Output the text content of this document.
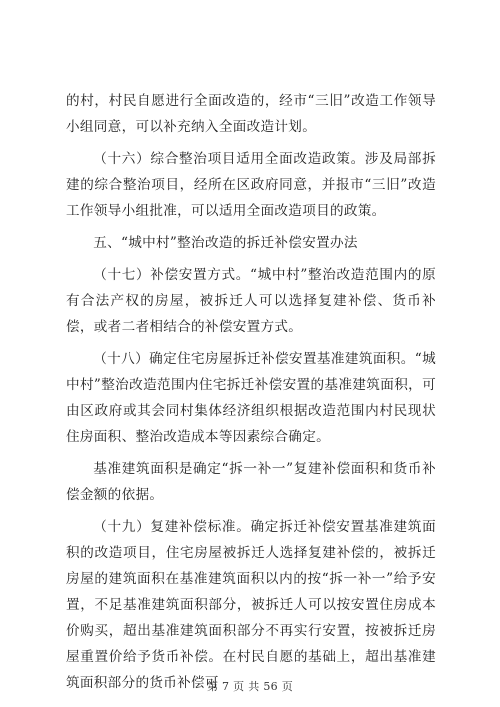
的村，村民自愿进行全面改造的，经市“三旧”改造工作领导小组同意，可以补充纳入全面改造计划。

（十六）综合整治项目适用全面改造政策。涉及局部拆建的综合整治项目，经所在区政府同意，并报市“三旧”改造工作领导小组批准，可以适用全面改造项目的政策。

五、“城中村”整治改造的拆迁补偿安置办法

（十七）补偿安置方式。“城中村”整治改造范围内的原有合法产权的房屋，被拆迁人可以选择复建补偿、货币补偿，或者二者相结合的补偿安置方式。

（十八）确定住宅房屋拆迁补偿安置基准建筑面积。“城中村”整治改造范围内住宅拆迁补偿安置的基准建筑面积，可由区政府或其会同村集体经济组织根据改造范围内村民现状住房面积、整治改造成本等因素综合确定。

基准建筑面积是确定“拆一补一”复建补偿面积和货币补偿金额的依据。

（十九）复建补偿标准。确定拆迁补偿安置基准建筑面积的改造项目，住宅房屋被拆迁人选择复建补偿的，被拆迁房屋的建筑面积在基准建筑面积以内的按“拆一补一”给予安置，不足基准建筑面积部分，被拆迁人可以按安置住房成本价购买，超出基准建筑面积部分不再实行安置，按被拆迁房屋重置价给予货币补偿。在村民自愿的基础上，超出基准建筑面积部分的货币补偿可

第 7 页 共 56 页
